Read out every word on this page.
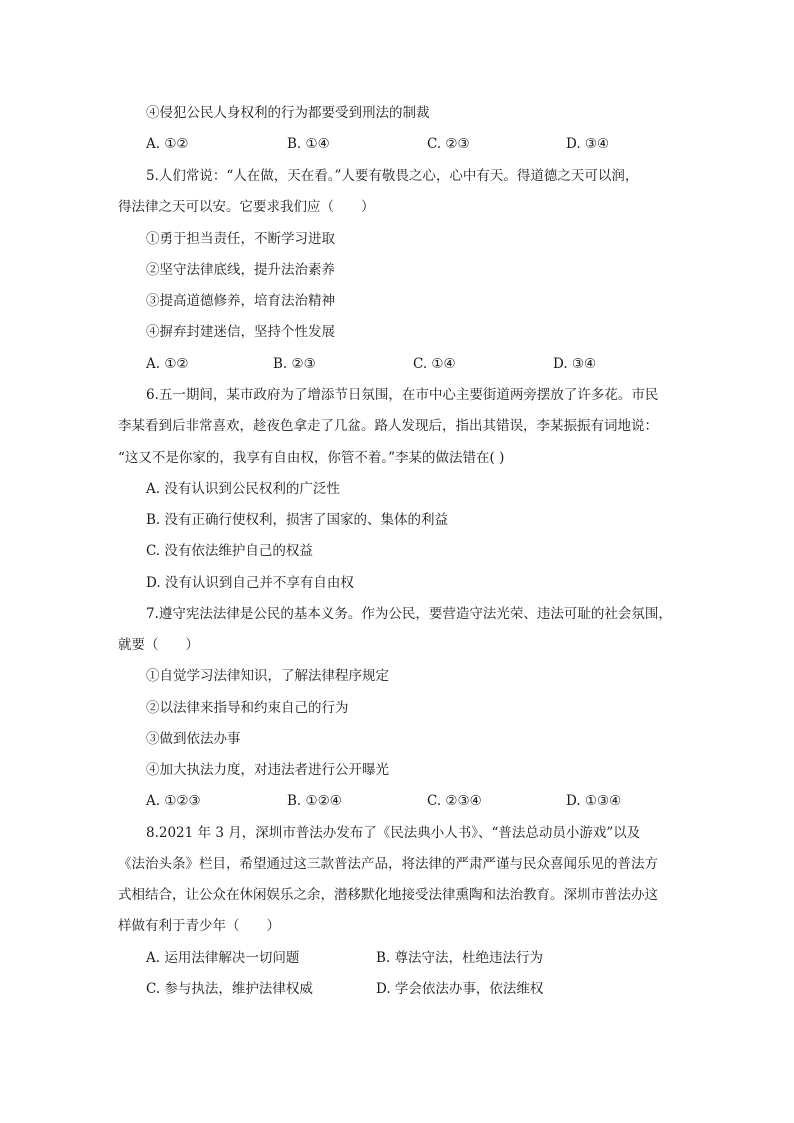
④侵犯公民人身权利的行为都要受到刑法的制裁
A. ①②	B. ①④	C. ②③	D. ③④
5.人们常说：“人在做，天在看。”人要有敬畏之心，心中有天。得道德之天可以润，
得法律之天可以安。它要求我们应（　　）
①勇于担当责任，不断学习进取
②坚守法律底线，提升法治素养
③提高道德修养，培育法治精神
④摒弃封建迷信，坚持个性发展
A. ①②	B. ②③	C. ①④	D. ③④
6.五一期间，某市政府为了增添节日氛围，在市中心主要街道两旁摆放了许多花。市民
李某看到后非常喜欢，趁夜色拿走了几盆。路人发现后，指出其错误，李某振振有词地说：
“这又不是你家的，我享有自由权，你管不着。”李某的做法错在( )
A. 没有认识到公民权利的广泛性
B. 没有正确行使权利，损害了国家的、集体的利益
C. 没有依法维护自己的权益
D. 没有认识到自己并不享有自由权
7.遵守宪法法律是公民的基本义务。作为公民，要营造守法光荣、违法可耻的社会氛围，
就要（　　）
①自觉学习法律知识，了解法律程序规定
②以法律来指导和约束自己的行为
③做到依法办事
④加大执法力度，对违法者进行公开曝光
A. ①②③	B. ①②④	C. ②③④	D. ①③④
8.2021 年 3 月，深圳市普法办发布了《民法典小人书》、“普法总动员小游戏”以及
《法治头条》栏目，希望通过这三款普法产品，将法律的严肃严谨与民众喜闻乐见的普法方
式相结合，让公众在休闲娱乐之余，潜移默化地接受法律熏陶和法治教育。深圳市普法办这
样做有利于青少年（　　）
A. 运用法律解决一切问题	B. 尊法守法，杜绝违法行为
C. 参与执法，维护法律权威	D. 学会依法办事，依法维权
